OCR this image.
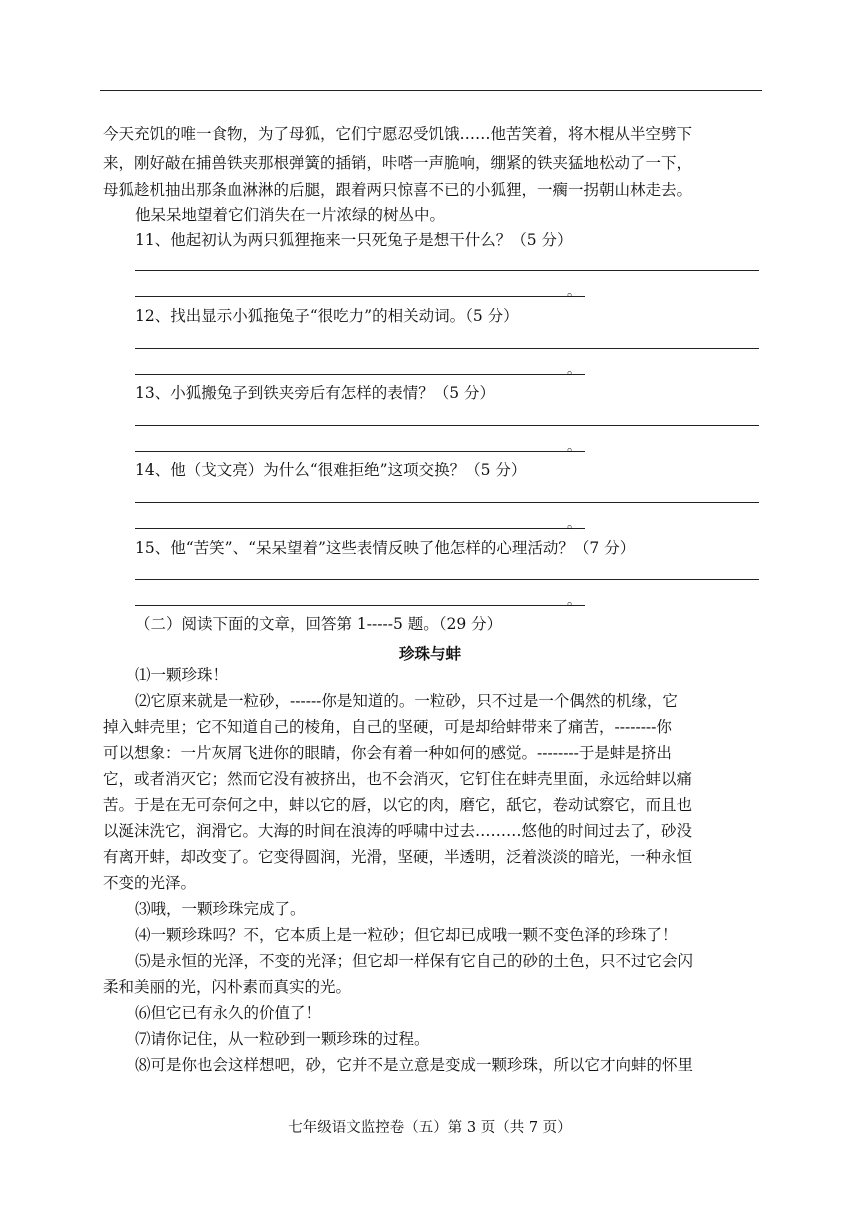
今天充饥的唯一食物，为了母狐，它们宁愿忍受饥饿……他苦笑着，将木棍从半空劈下
来，刚好敲在捕兽铁夹那根弹簧的插销，咔嗒一声脆响，绷紧的铁夹猛地松动了一下，
母狐趁机抽出那条血淋淋的后腿，跟着两只惊喜不已的小狐狸，一瘸一拐朝山林走去。
他呆呆地望着它们消失在一片浓绿的树丛中。
11、他起初认为两只狐狸拖来一只死兔子是想干什么？（5 分）
。
12、找出显示小狐拖兔子“很吃力”的相关动词。（5 分）
。
13、小狐搬兔子到铁夹旁后有怎样的表情？（5 分）
。
14、他（戈文亮）为什么“很难拒绝”这项交换？（5 分）
。
15、他“苦笑”、“呆呆望着”这些表情反映了他怎样的心理活动？（7 分）
。
（二）阅读下面的文章，回答第 1-----5 题。（29 分）
珍珠与蚌
⑴一颗珍珠！
⑵它原来就是一粒砂，------你是知道的。一粒砂，只不过是一个偶然的机缘，它
掉入蚌壳里；它不知道自己的棱角，自己的坚硬，可是却给蚌带来了痛苦，--------你
可以想象：一片灰屑飞进你的眼睛，你会有着一种如何的感觉。--------于是蚌是挤出
它，或者消灭它；然而它没有被挤出，也不会消灭，它钉住在蚌壳里面，永远给蚌以痛
苦。于是在无可奈何之中，蚌以它的唇，以它的肉，磨它，舐它，卷动试察它，而且也
以涎沫洗它，润滑它。大海的时间在浪涛的呼啸中过去………悠他的时间过去了，砂没
有离开蚌，却改变了。它变得圆润，光滑，坚硬，半透明，泛着淡淡的暗光，一种永恒
不变的光泽。
⑶哦，一颗珍珠完成了。
⑷一颗珍珠吗？不，它本质上是一粒砂；但它却已成哦一颗不变色泽的珍珠了！
⑸是永恒的光泽，不变的光泽；但它却一样保有它自己的砂的土色，只不过它会闪
柔和美丽的光，闪朴素而真实的光。
⑹但它已有永久的价值了！
⑺请你记住，从一粒砂到一颗珍珠的过程。
⑻可是你也会这样想吧，砂，它并不是立意是变成一颗珍珠，所以它才向蚌的怀里
七年级语文监控卷（五）第 3 页（共 7 页）
